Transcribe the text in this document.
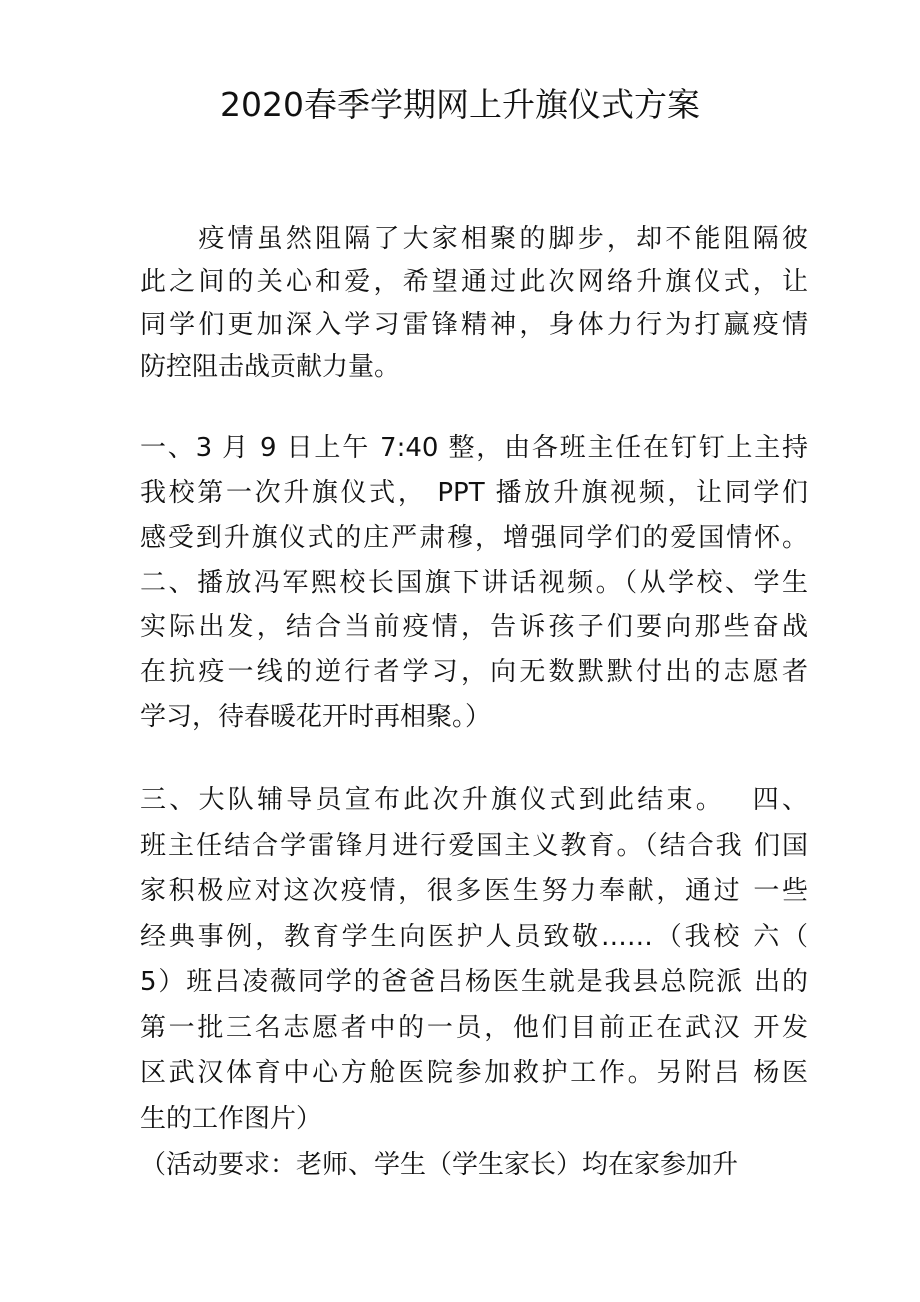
2020春季学期网上升旗仪式方案
　　疫情虽然阻隔了大家相聚的脚步，却不能阻隔彼
此之间的关心和爱，希望通过此次网络升旗仪式，让
同学们更加深入学习雷锋精神，身体力行为打赢疫情
防控阻击战贡献力量。
一、3 月 9 日上午 7:40 整，由各班主任在钉钉上主持
我校第一次升旗仪式， PPT 播放升旗视频，让同学们
感受到升旗仪式的庄严肃穆，增强同学们的爱国情怀。
二、播放冯军熙校长国旗下讲话视频。（从学校、学生
实际出发，结合当前疫情，告诉孩子们要向那些奋战
在抗疫一线的逆行者学习，向无数默默付出的志愿者
学习，待春暖花开时再相聚。）
三、大队辅导员宣布此次升旗仪式到此结束。　 四、
班主任结合学雷锋月进行爱国主义教育。（结合我 们国
家积极应对这次疫情，很多医生努力奉献，通过 一些
经典事例，教育学生向医护人员致敬……（我校 六（
5）班吕凌薇同学的爸爸吕杨医生就是我县总院派 出的
第一批三名志愿者中的一员，他们目前正在武汉 开发
区武汉体育中心方舱医院参加救护工作。另附吕 杨医
生的工作图片）
（活动要求：老师、学生（学生家长）均在家参加升
